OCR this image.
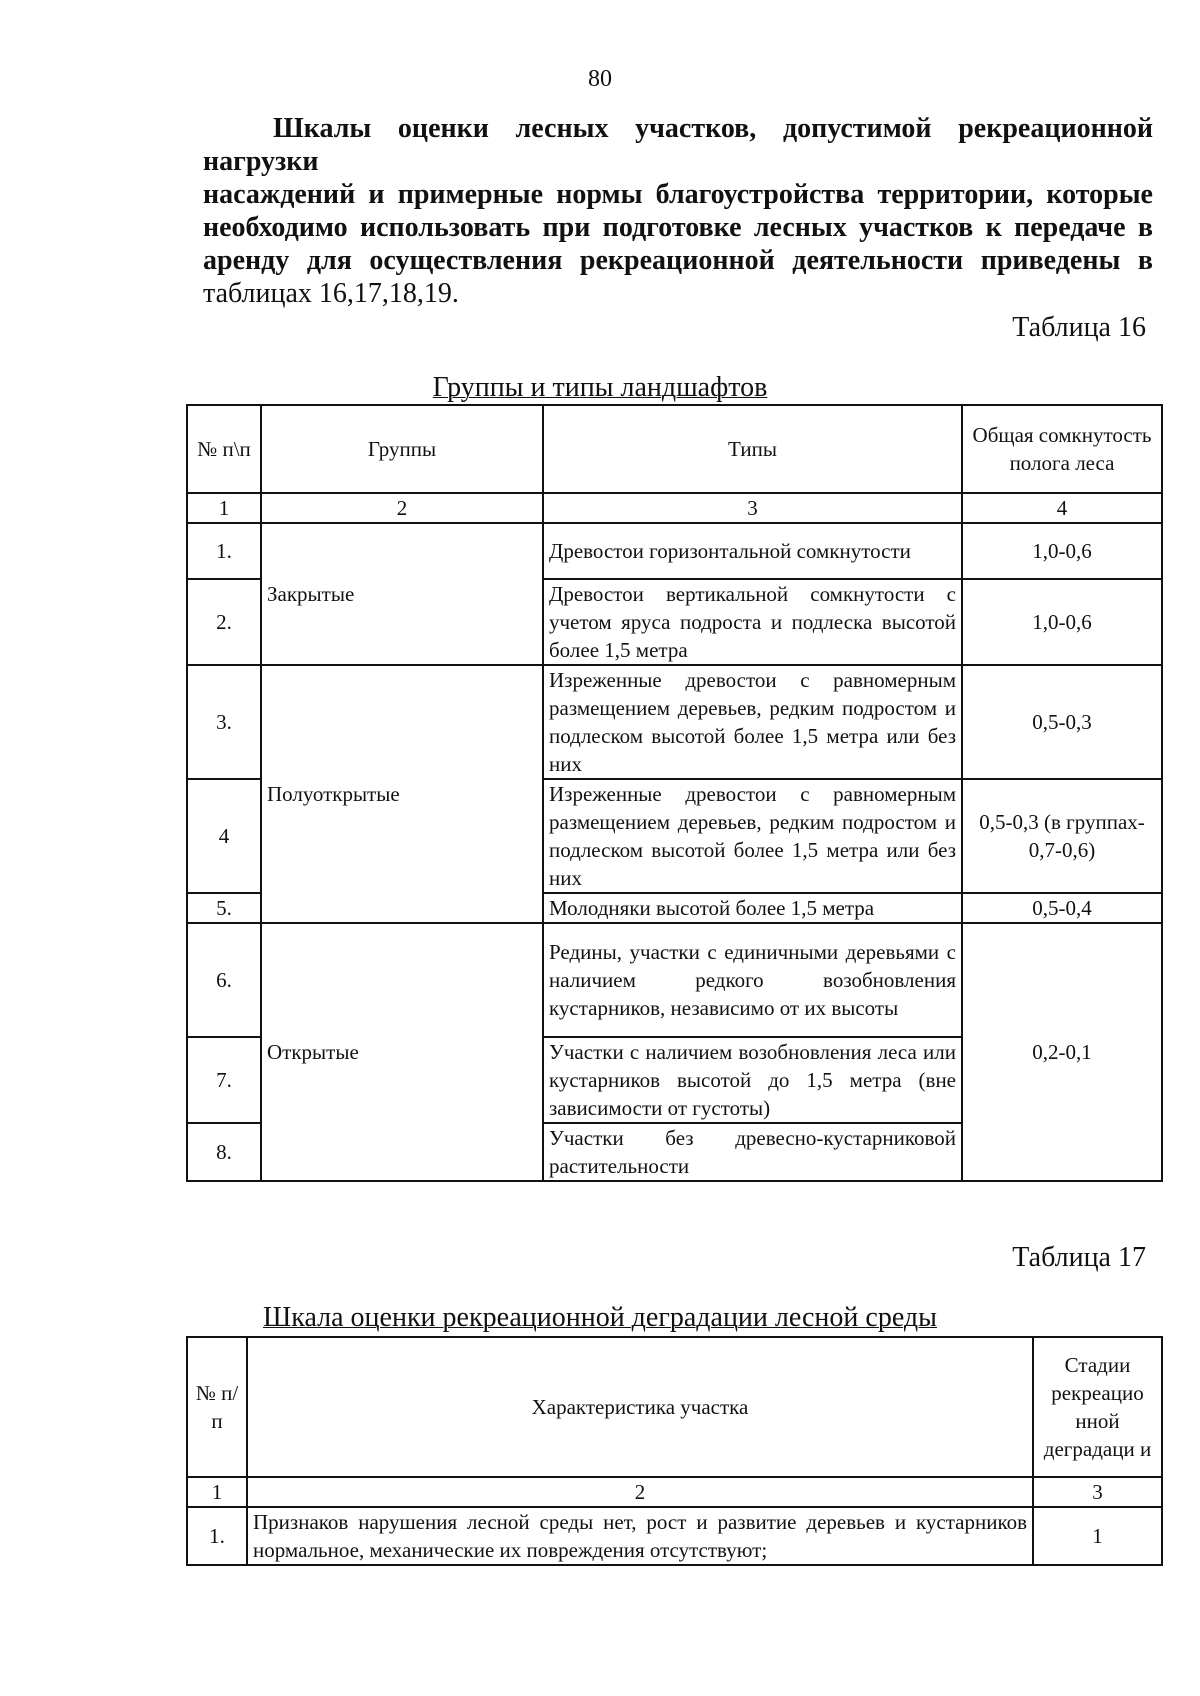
80
Шкалы оценки лесных участков, допустимой рекреационной нагрузки
насаждений и примерные нормы благоустройства территории, которые
необходимо использовать при подготовке лесных участков к передаче в
аренду для осуществления рекреационной деятельности приведены в
таблицах 16,17,18,19.
Таблица 16
Группы и типы ландшафтов
№ п\п	Группы	Типы	Общая сомкнутость полога леса
1	2	3	4
1.	Закрытые	Древостои горизонтальной сомкнутости	1,0-0,6
2.		Древостои вертикальной сомкнутости с учетом яруса подроста и подлеска высотой более 1,5 метра	1,0-0,6
3.	Полуоткрытые	Изреженные древостои с равномерным размещением деревьев, редким подростом и подлеском высотой более 1,5 метра или без них	0,5-0,3
4		Изреженные древостои с равномерным размещением деревьев, редким подростом и подлеском высотой более 1,5 метра или без них	0,5-0,3 (в группах- 0,7-0,6)
5.		Молодняки высотой более 1,5 метра	0,5-0,4
6.	Открытые	Редины, участки с единичными деревьями с наличием редкого возобновления кустарников, независимо от их высоты	0,2-0,1
7.		Участки с наличием возобновления леса или кустарников высотой до 1,5 метра (вне зависимости от густоты)	
8.		Участки без древесно-кустарниковой растительности	
Таблица 17
Шкала оценки рекреационной деградации лесной среды
№ п/п	Характеристика участка	Стадии рекреацио нной деградаци и
1	2	3
1.	Признаков нарушения лесной среды нет, рост и развитие деревьев и кустарников нормальное, механические их повреждения отсутствуют;	1
